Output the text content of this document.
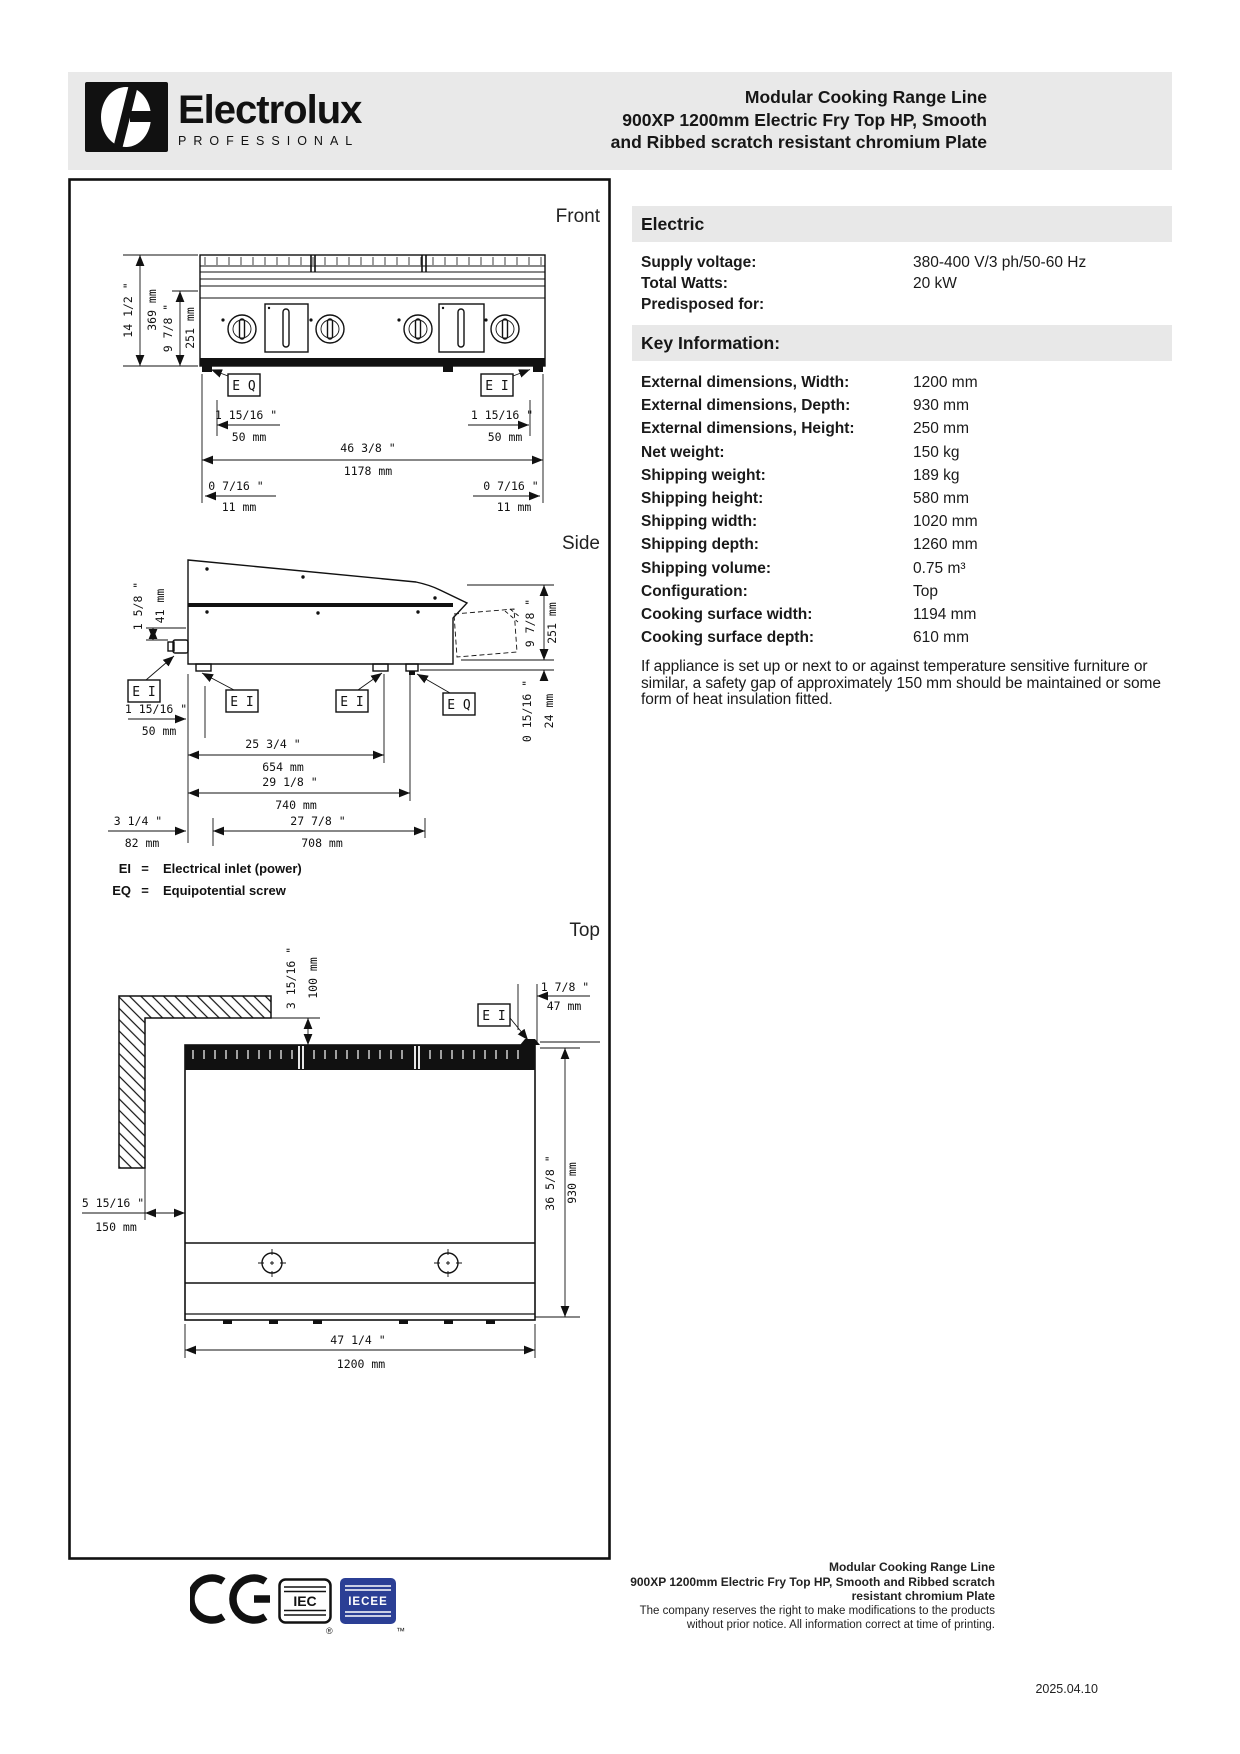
Electrolux
PROFESSIONAL
Modular Cooking Range Line
900XP 1200mm Electric Fry Top HP, Smooth
and Ribbed scratch resistant chromium Plate
Front
14 1/2 " 369 mm 9 7/8 " 251 mm
E Q	E I
1 15/16 "
50 mm
1 15/16 "
50 mm
46 3/8 "
1178 mm
0 7/16 "
11 mm
0 7/16 "
11 mm
Side
1 5/8 " 41 mm	9 7/8 " 251 mm
0 15/16 " 24 mm
E I
E I	E I	E Q
1 15/16 "
50 mm
25 3/4 "
654 mm
29 1/8 "
740 mm
3 1/4 "
82 mm
27 7/8 "
708 mm
EI = Electrical inlet (power)
EQ = Equipotential screw
Top
3 15/16 " 100 mm
E I
1 7/8 "
47 mm
5 15/16 "
150 mm
36 5/8 " 930 mm
47 1/4 "
1200 mm
Electric
Supply voltage:	380-400 V/3 ph/50-60 Hz
Total Watts:	20 kW
Predisposed for:
Key Information:
External dimensions, Width:	1200 mm
External dimensions, Depth:	930 mm
External dimensions, Height:	250 mm
Net weight:	150 kg
Shipping weight:	189 kg
Shipping height:	580 mm
Shipping width:	1020 mm
Shipping depth:	1260 mm
Shipping volume:	0.75 m³
Configuration:	Top
Cooking surface width:	1194 mm
Cooking surface depth:	610 mm
If appliance is set up or next to or against temperature sensitive furniture or similar, a safety gap of approximately 150 mm should be maintained or some form of heat insulation fitted.
IEC	IECEE
®	™
Modular Cooking Range Line
900XP 1200mm Electric Fry Top HP, Smooth and Ribbed scratch
resistant chromium Plate
The company reserves the right to make modifications to the products
without prior notice. All information correct at time of printing.
2025.04.10
